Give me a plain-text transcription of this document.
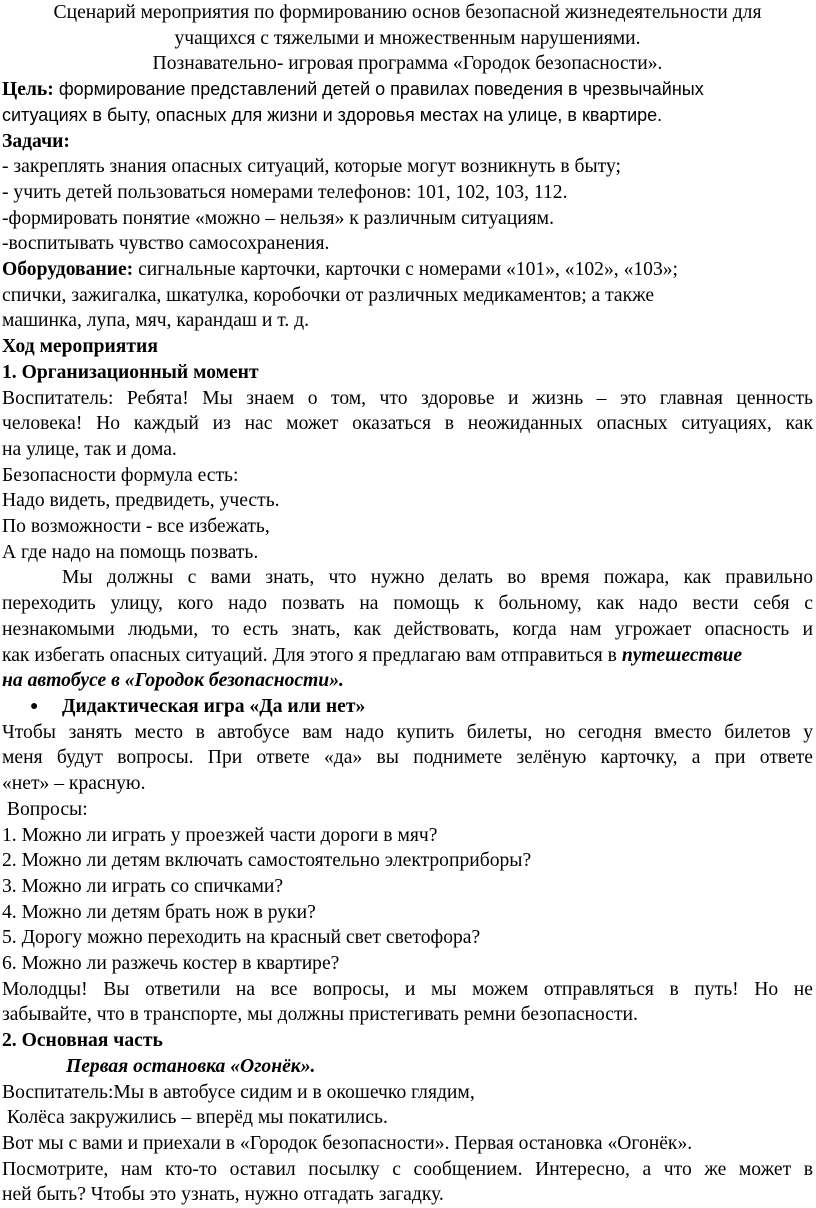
Сценарий мероприятия по формированию основ безопасной жизнедеятельности для
учащихся с тяжелыми и множественным нарушениями.
Познавательно- игровая программа «Городок безопасности».
Цель: формирование представлений детей о правилах поведения в чрезвычайных
ситуациях в быту, опасных для жизни и здоровья местах на улице, в квартире.
Задачи:
- закреплять знания опасных ситуаций, которые могут возникнуть в быту;
- учить детей пользоваться номерами телефонов: 101, 102, 103, 112.
-формировать понятие «можно – нельзя» к различным ситуациям.
-воспитывать чувство самосохранения.
Оборудование: сигнальные карточки, карточки с номерами «101», «102», «103»;
спички, зажигалка, шкатулка, коробочки от различных медикаментов; а также
машинка, лупа, мяч, карандаш и т. д.
Ход мероприятия
1. Организационный момент
Воспитатель: Ребята! Мы знаем о том, что здоровье и жизнь – это главная ценность
человека! Но каждый из нас может оказаться в неожиданных опасных ситуациях, как
на улице, так и дома.
Безопасности формула есть:
Надо видеть, предвидеть, учесть.
По возможности - все избежать,
А где надо на помощь позвать.
Мы должны с вами знать, что нужно делать во время пожара, как правильно
переходить улицу, кого надо позвать на помощь к больному, как надо вести себя с
незнакомыми людьми, то есть знать, как действовать, когда нам угрожает опасность и
как избегать опасных ситуаций. Для этого я предлагаю вам отправиться в путешествие
на автобусе в «Городок безопасности».
● Дидактическая игра «Да или нет»
Чтобы занять место в автобусе вам надо купить билеты, но сегодня вместо билетов у
меня будут вопросы. При ответе «да» вы поднимете зелёную карточку, а при ответе
«нет» – красную.
Вопросы:
1. Можно ли играть у проезжей части дороги в мяч?
2. Можно ли детям включать самостоятельно электроприборы?
3. Можно ли играть со спичками?
4. Можно ли детям брать нож в руки?
5. Дорогу можно переходить на красный свет светофора?
6. Можно ли разжечь костер в квартире?
Молодцы! Вы ответили на все вопросы, и мы можем отправляться в путь! Но не
забывайте, что в транспорте, мы должны пристегивать ремни безопасности.
2. Основная часть
Первая остановка «Огонёк».
Воспитатель:Мы в автобусе сидим и в окошечко глядим,
Колёса закружились – вперёд мы покатились.
Вот мы с вами и приехали в «Городок безопасности». Первая остановка «Огонёк».
Посмотрите, нам кто-то оставил посылку с сообщением. Интересно, а что же может в
ней быть? Чтобы это узнать, нужно отгадать загадку.
